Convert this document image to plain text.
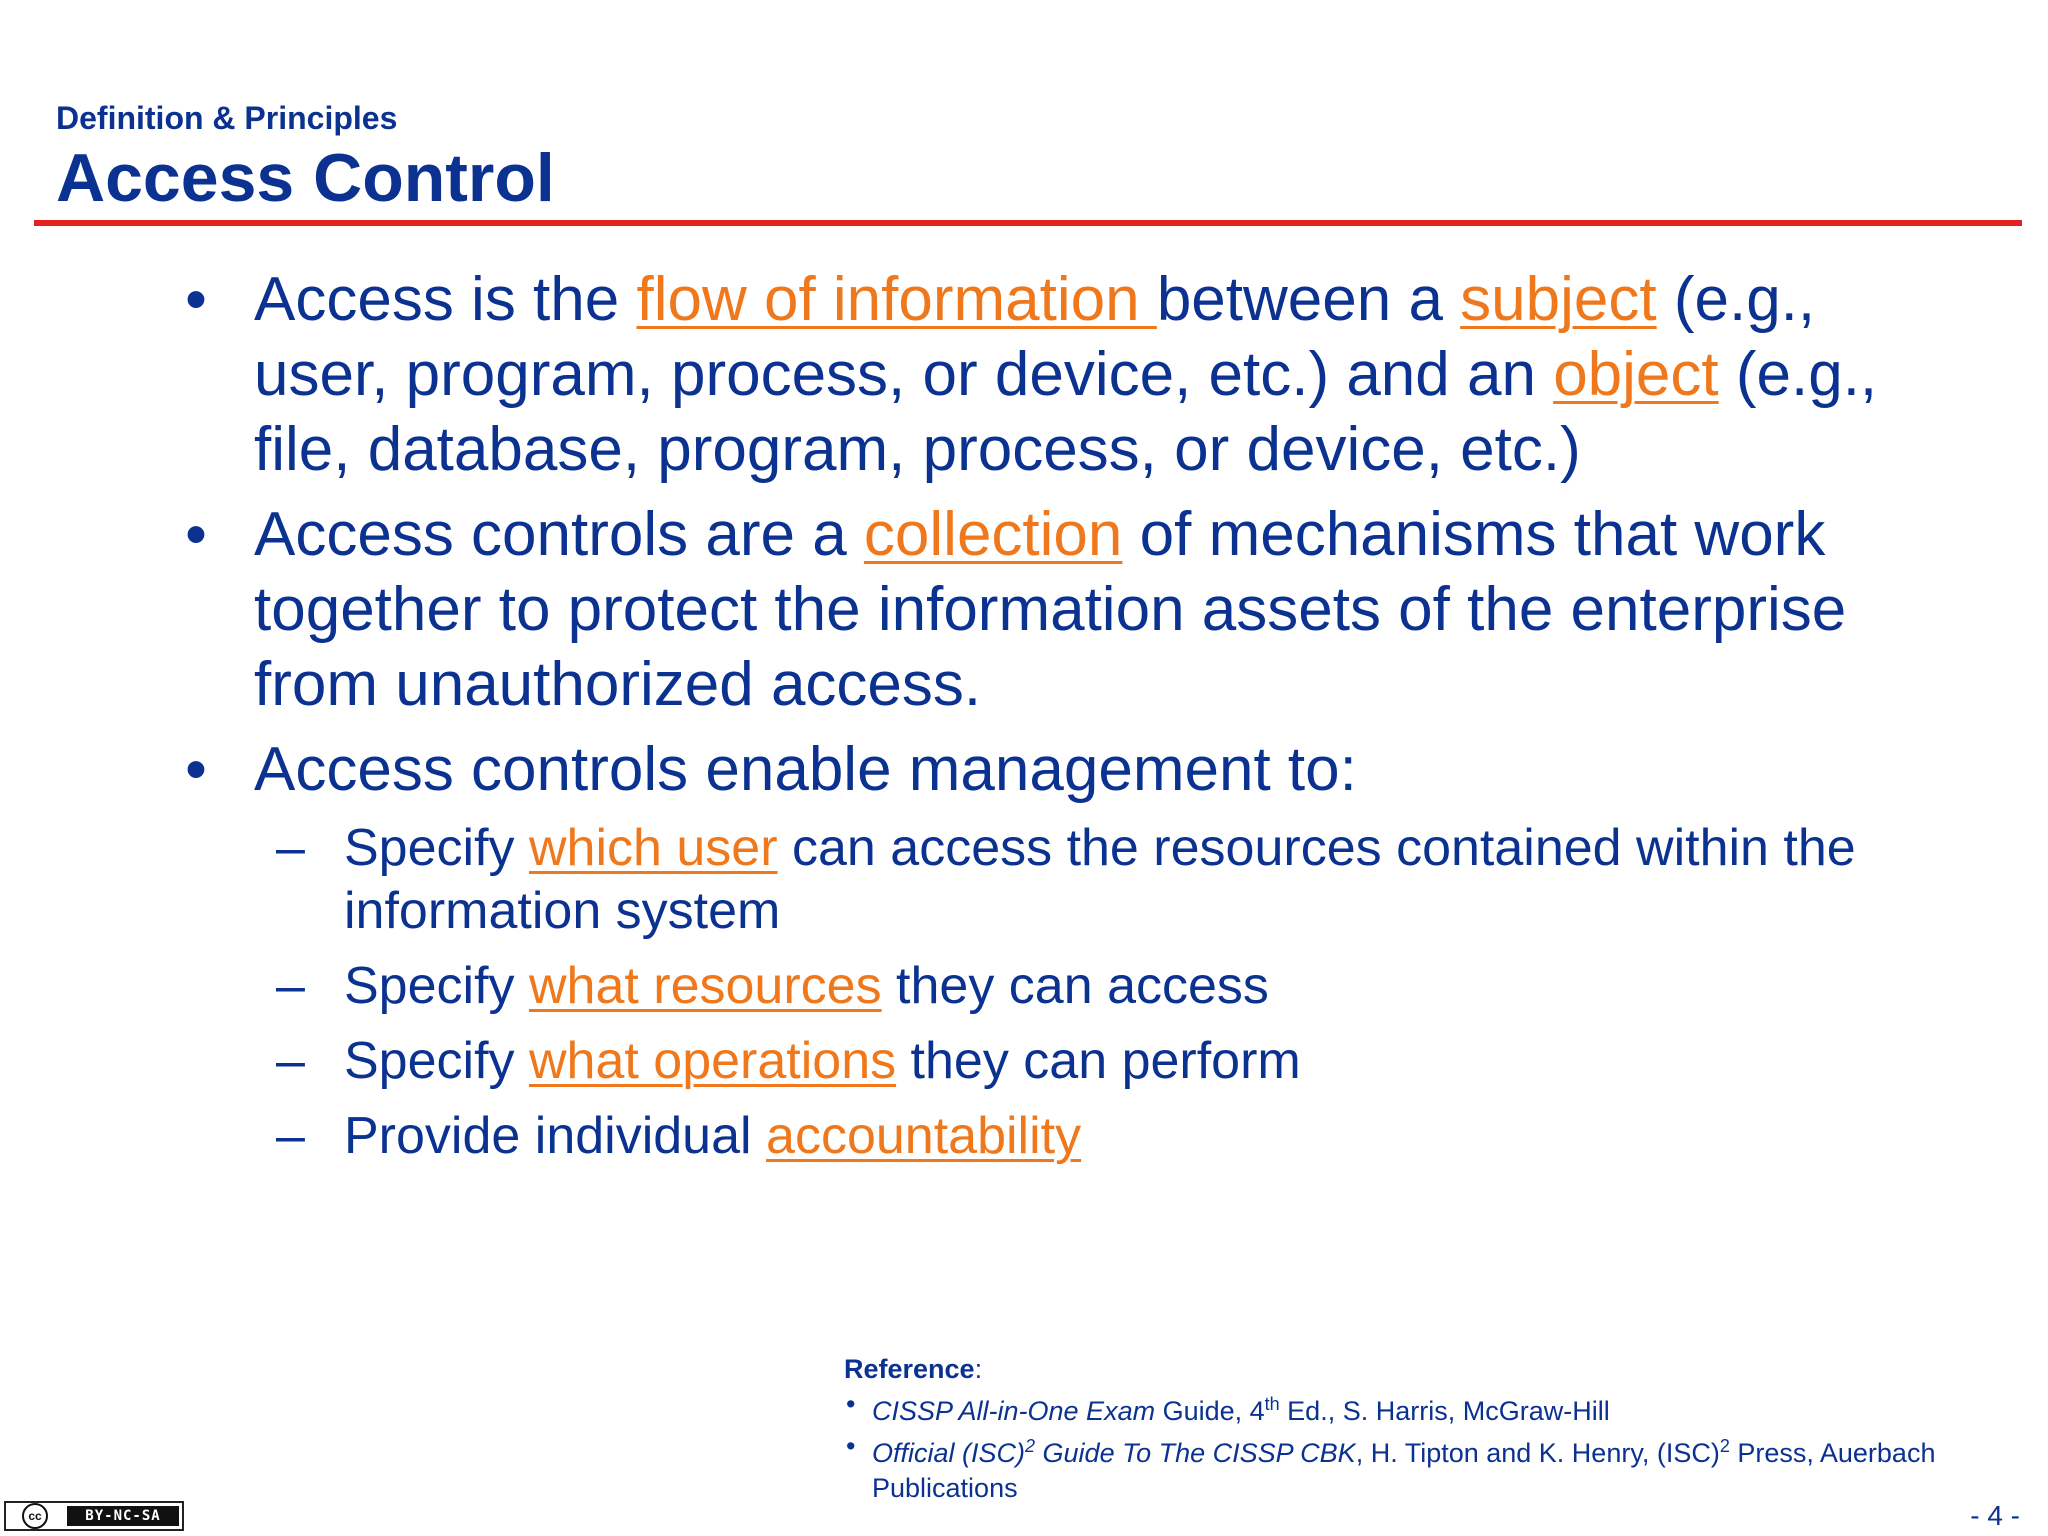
Definition & Principles
Access Control
• Access is the flow of information between a subject (e.g., user, program, process, or device, etc.) and an object (e.g., file, database, program, process, or device, etc.)
• Access controls are a collection of mechanisms that work together to protect the information assets of the enterprise from unauthorized access.
• Access controls enable management to:
– Specify which user can access the resources contained within the information system
– Specify what resources they can access
– Specify what operations they can perform
– Provide individual accountability
Reference:
• CISSP All-in-One Exam Guide, 4th Ed., S. Harris, McGraw-Hill
• Official (ISC)$^2$ Guide To The CISSP CBK, H. Tipton and K. Henry, (ISC)$^2$ Press, Auerbach Publications
cc	BY-NC-SA	- 4 -
